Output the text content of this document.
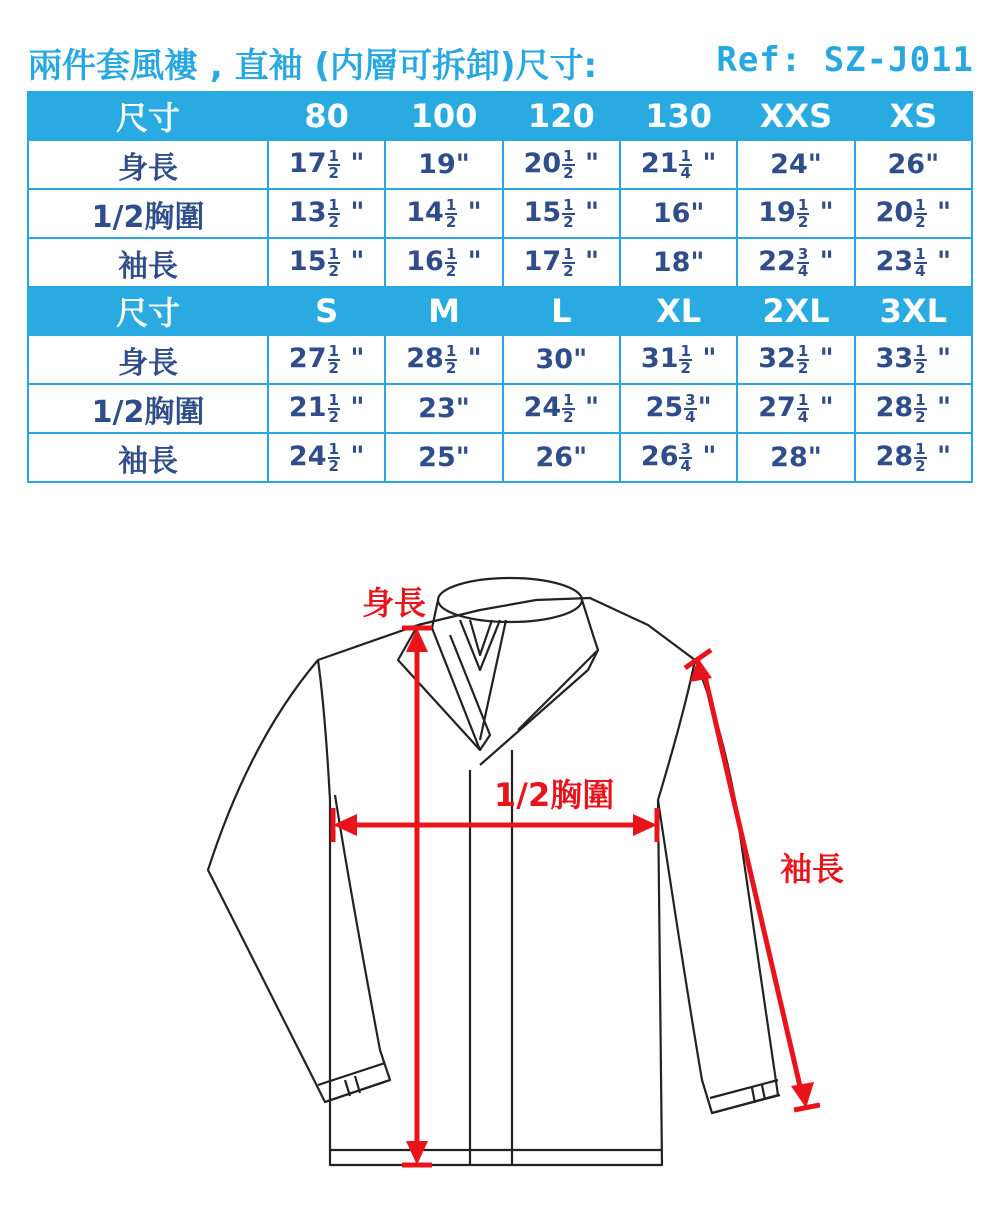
兩件套風褸 , 直袖 (内層可拆卸)尺寸:	Ref: SZ-J011
尺寸	80	100	120	130	XXS	XS
身長	$17 \frac{1}{2}$ "	19"	$20 \frac{1}{2}$ "	$21 \frac{1}{4}$ "	24"	26"
1/2胸圍	$13 \frac{1}{2}$ "	$14 \frac{1}{2}$ "	$15 \frac{1}{2}$ "	16"	$19 \frac{1}{2}$ "	$20 \frac{1}{2}$ "
袖長	$15 \frac{1}{2}$ "	$16 \frac{1}{2}$ "	$17 \frac{1}{2}$ "	18"	$22 \frac{3}{4}$ "	$23 \frac{1}{4}$ "
尺寸	S	M	L	XL	2XL	3XL
身長	$27 \frac{1}{2}$ "	$28 \frac{1}{2}$ "	30"	$31 \frac{1}{2}$ "	$32 \frac{1}{2}$ "	$33 \frac{1}{2}$ "
1/2胸圍	$21 \frac{1}{2}$ "	23"	$24 \frac{1}{2}$ "	$25 \frac{3}{4}$ "	$27 \frac{1}{4}$ "	$28 \frac{1}{2}$ "
袖長	$24 \frac{1}{2}$ "	25"	26"	$26 \frac{3}{4}$ "	28"	$28 \frac{1}{2}$ "
身長
1/2胸圍
袖長
